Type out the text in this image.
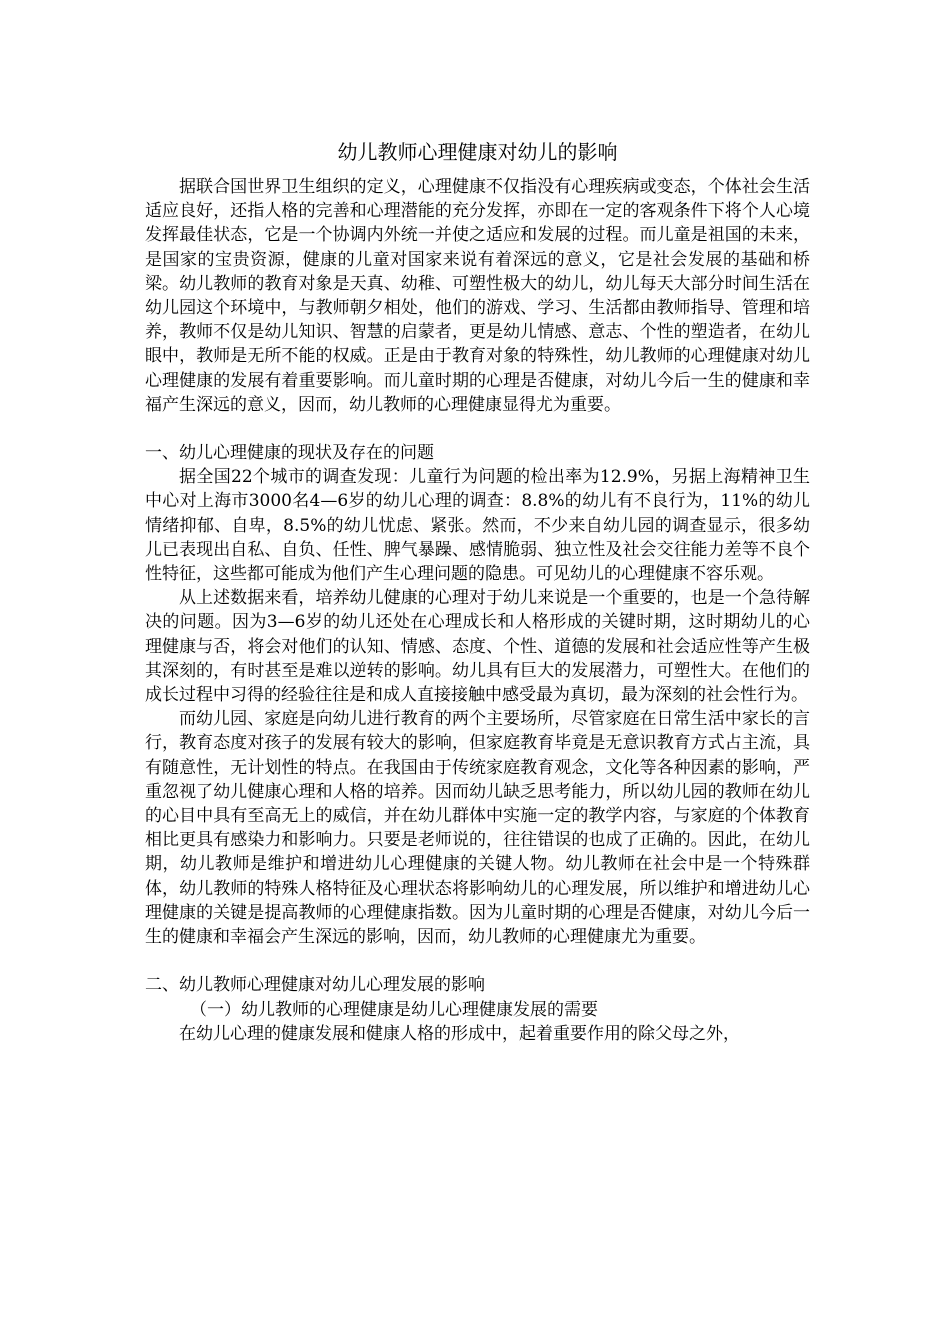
幼儿教师心理健康对幼儿的影响

据联合国世界卫生组织的定义，心理健康不仅指没有心理疾病或变态，个体社会生活适应良好，还指人格的完善和心理潜能的充分发挥，亦即在一定的客观条件下将个人心境发挥最佳状态，它是一个协调内外统一并使之适应和发展的过程。而儿童是祖国的未来，是国家的宝贵资源，健康的儿童对国家来说有着深远的意义，它是社会发展的基础和桥梁。幼儿教师的教育对象是天真、幼稚、可塑性极大的幼儿，幼儿每天大部分时间生活在幼儿园这个环境中，与教师朝夕相处，他们的游戏、学习、生活都由教师指导、管理和培养，教师不仅是幼儿知识、智慧的启蒙者，更是幼儿情感、意志、个性的塑造者，在幼儿眼中，教师是无所不能的权威。正是由于教育对象的特殊性，幼儿教师的心理健康对幼儿心理健康的发展有着重要影响。而儿童时期的心理是否健康，对幼儿今后一生的健康和幸福产生深远的意义，因而，幼儿教师的心理健康显得尤为重要。

一、幼儿心理健康的现状及存在的问题

据全国22个城市的调查发现：儿童行为问题的检出率为12.9%，另据上海精神卫生中心对上海市3000名4—6岁的幼儿心理的调查：8.8%的幼儿有不良行为，11%的幼儿情绪抑郁、自卑，8.5%的幼儿忧虑、紧张。然而，不少来自幼儿园的调查显示，很多幼儿已表现出自私、自负、任性、脾气暴躁、感情脆弱、独立性及社会交往能力差等不良个性特征，这些都可能成为他们产生心理问题的隐患。可见幼儿的心理健康不容乐观。

从上述数据来看，培养幼儿健康的心理对于幼儿来说是一个重要的，也是一个急待解决的问题。因为3—6岁的幼儿还处在心理成长和人格形成的关键时期，这时期幼儿的心理健康与否，将会对他们的认知、情感、态度、个性、道德的发展和社会适应性等产生极其深刻的，有时甚至是难以逆转的影响。幼儿具有巨大的发展潜力，可塑性大。在他们的成长过程中习得的经验往往是和成人直接接触中感受最为真切，最为深刻的社会性行为。

而幼儿园、家庭是向幼儿进行教育的两个主要场所，尽管家庭在日常生活中家长的言行，教育态度对孩子的发展有较大的影响，但家庭教育毕竟是无意识教育方式占主流，具有随意性，无计划性的特点。在我国由于传统家庭教育观念，文化等各种因素的影响，严重忽视了幼儿健康心理和人格的培养。因而幼儿缺乏思考能力，所以幼儿园的教师在幼儿的心目中具有至高无上的威信，并在幼儿群体中实施一定的教学内容，与家庭的个体教育相比更具有感染力和影响力。只要是老师说的，往往错误的也成了正确的。因此，在幼儿期，幼儿教师是维护和增进幼儿心理健康的关键人物。幼儿教师在社会中是一个特殊群体，幼儿教师的特殊人格特征及心理状态将影响幼儿的心理发展，所以维护和增进幼儿心理健康的关键是提高教师的心理健康指数。因为儿童时期的心理是否健康，对幼儿今后一生的健康和幸福会产生深远的影响，因而，幼儿教师的心理健康尤为重要。

二、幼儿教师心理健康对幼儿心理发展的影响

（一）幼儿教师的心理健康是幼儿心理健康发展的需要

在幼儿心理的健康发展和健康人格的形成中，起着重要作用的除父母之外，
